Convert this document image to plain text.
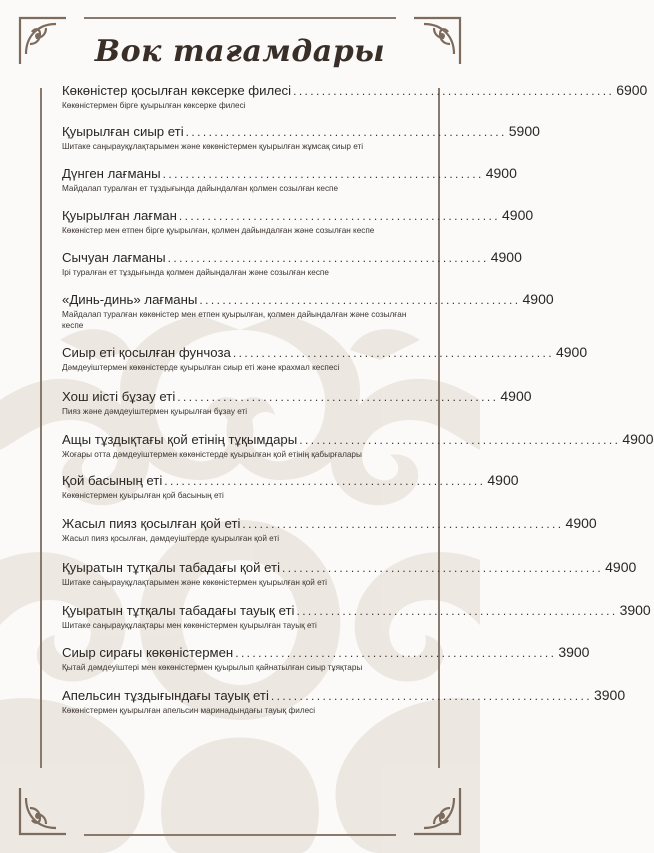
Вок тағамдары
Көкөністер қосылған көксерке филесі ........................................................ 6900
Көкөністермен бірге қуырылған көксерке филесі
Қуырылған сиыр еті ........................................................ 5900
Шитаке саңырауқұлақтарымен және көкөністермен қуырылған жұмсақ сиыр еті
Дүнген лағманы ........................................................ 4900
Майдалап туралған ет тұздығында дайындалған қолмен созылған кеспе
Қуырылған лағман ........................................................ 4900
Көкөністер мен етпен бірге қуырылған, қолмен дайындалған және созылған кеспе
Сычуан лағманы ........................................................ 4900
Ірі туралған ет тұздығында қолмен дайындалған және созылған кеспе
«Динь-динь» лағманы ........................................................ 4900
Майдалап туралған көкөністер мен етпен қуырылған, қолмен дайындалған және созылған кеспе
Сиыр еті қосылған фунчоза ........................................................ 4900
Дәмдеуіштермен көкөністерде қуырылған сиыр еті және крахмал кеспесі
Хош иісті бұзау еті ........................................................ 4900
Пияз және дәмдеуіштермен қуырылған бұзау еті
Ащы тұздықтағы қой етінің тұқымдары ........................................................ 4900
Жоғары отта дәмдеуіштермен көкөністерде қуырылған қой етінің қабырғалары
Қой басының еті ........................................................ 4900
Көкөністермен қуырылған қой басының еті
Жасыл пияз қосылған қой еті ........................................................ 4900
Жасыл пияз қосылған, дәмдеуіштерде қуырылған қой еті
Қуыратын тұтқалы табадағы қой еті ........................................................ 4900
Шитаке саңырауқұлақтарымен және көкөністермен қуырылған қой еті
Қуыратын тұтқалы табадағы тауық еті ........................................................ 3900
Шитаке саңырауқұлақтары мен көкөністермен қуырылған тауық еті
Сиыр сирағы көкөністермен ........................................................ 3900
Қытай дәмдеуіштері мен көкөністермен қуырылып қайнатылған сиыр тұяқтары
Апельсин тұздығындағы тауық еті ........................................................ 3900
Көкөністермен қуырылған апельсин маринадындағы тауық филесі
